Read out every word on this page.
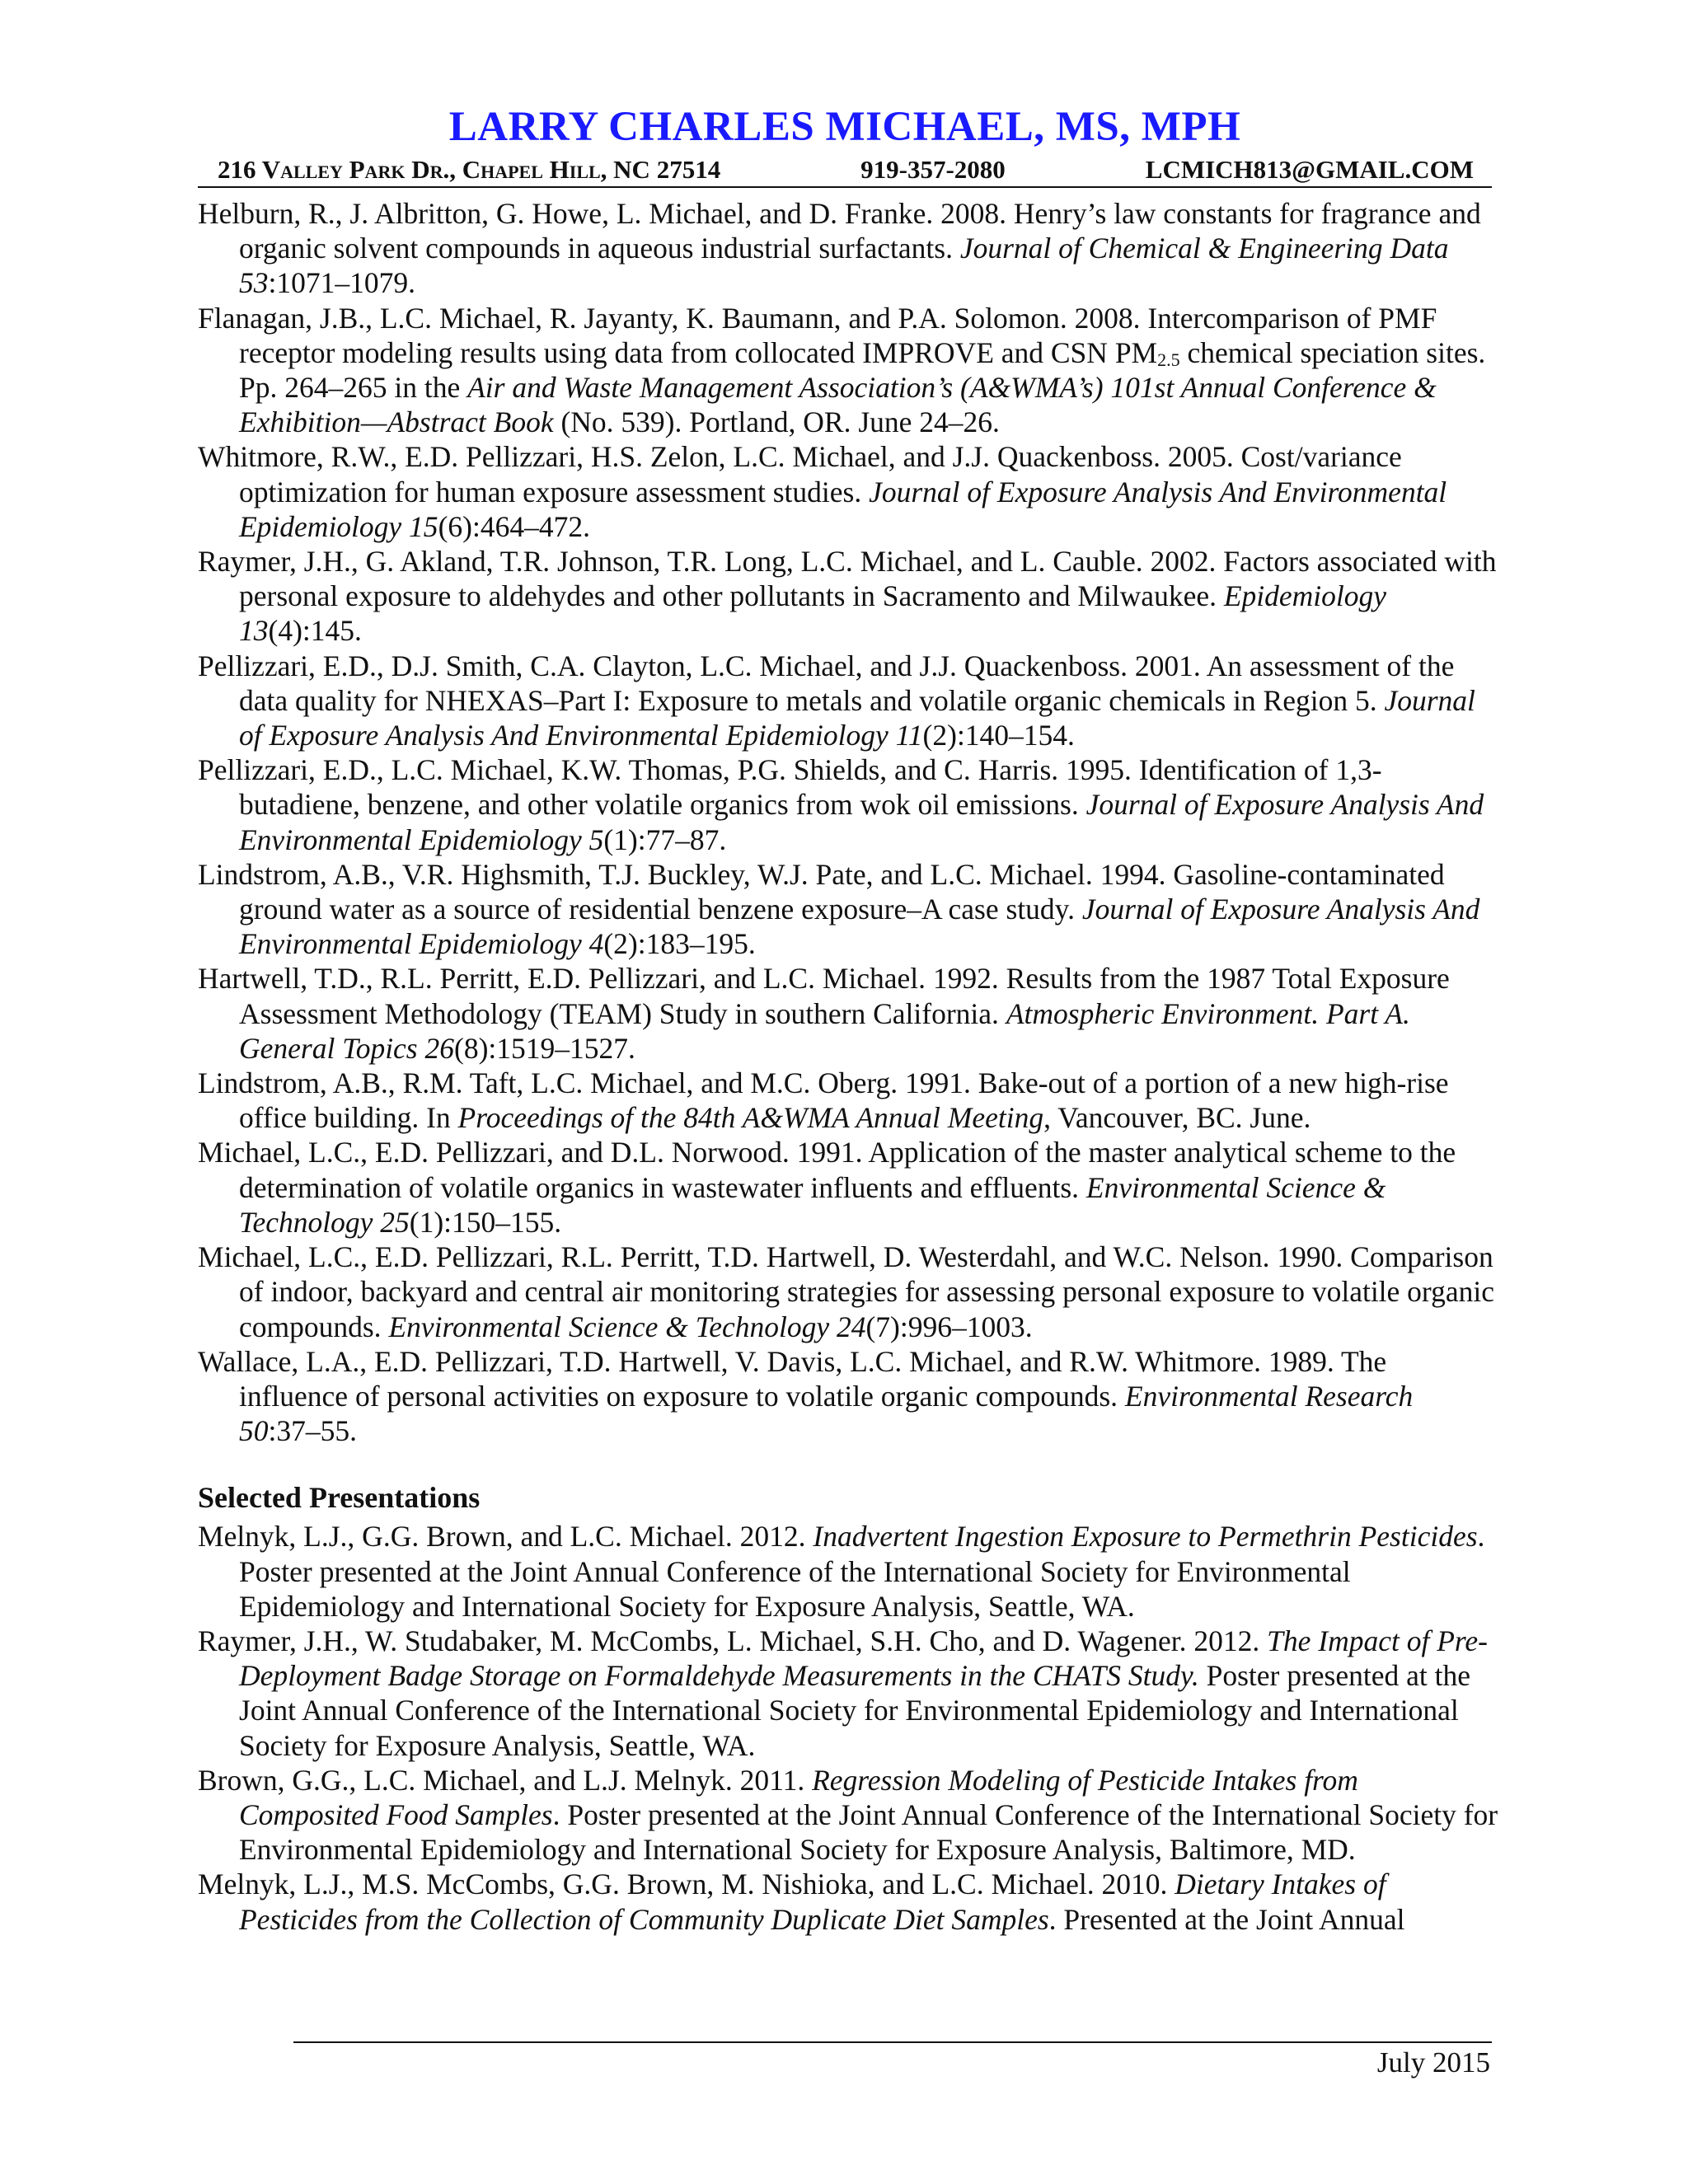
LARRY CHARLES MICHAEL, MS, MPH
216 Valley Park Dr., Chapel Hill, NC 27514	919-357-2080	LCMICH813@GMAIL.COM

Helburn, R., J. Albritton, G. Howe, L. Michael, and D. Franke. 2008. Henry’s law constants for fragrance and organic solvent compounds in aqueous industrial surfactants. Journal of Chemical & Engineering Data 53:1071–1079.

Flanagan, J.B., L.C. Michael, R. Jayanty, K. Baumann, and P.A. Solomon. 2008. Intercomparison of PMF receptor modeling results using data from collocated IMPROVE and CSN $PM_{2.5}$ chemical speciation sites. Pp. 264–265 in the Air and Waste Management Association’s (A&WMA’s) 101st Annual Conference & Exhibition—Abstract Book (No. 539). Portland, OR. June 24–26.

Whitmore, R.W., E.D. Pellizzari, H.S. Zelon, L.C. Michael, and J.J. Quackenboss. 2005. Cost/variance optimization for human exposure assessment studies. Journal of Exposure Analysis And Environmental Epidemiology 15(6):464–472.

Raymer, J.H., G. Akland, T.R. Johnson, T.R. Long, L.C. Michael, and L. Cauble. 2002. Factors associated with personal exposure to aldehydes and other pollutants in Sacramento and Milwaukee. Epidemiology 13(4):145.

Pellizzari, E.D., D.J. Smith, C.A. Clayton, L.C. Michael, and J.J. Quackenboss. 2001. An assessment of the data quality for NHEXAS–Part I: Exposure to metals and volatile organic chemicals in Region 5. Journal of Exposure Analysis And Environmental Epidemiology 11(2):140–154.

Pellizzari, E.D., L.C. Michael, K.W. Thomas, P.G. Shields, and C. Harris. 1995. Identification of 1,3-butadiene, benzene, and other volatile organics from wok oil emissions. Journal of Exposure Analysis And Environmental Epidemiology 5(1):77–87.

Lindstrom, A.B., V.R. Highsmith, T.J. Buckley, W.J. Pate, and L.C. Michael. 1994. Gasoline-contaminated ground water as a source of residential benzene exposure–A case study. Journal of Exposure Analysis And Environmental Epidemiology 4(2):183–195.

Hartwell, T.D., R.L. Perritt, E.D. Pellizzari, and L.C. Michael. 1992. Results from the 1987 Total Exposure Assessment Methodology (TEAM) Study in southern California. Atmospheric Environment. Part A. General Topics 26(8):1519–1527.

Lindstrom, A.B., R.M. Taft, L.C. Michael, and M.C. Oberg. 1991. Bake-out of a portion of a new high-rise office building. In Proceedings of the 84th A&WMA Annual Meeting, Vancouver, BC. June.

Michael, L.C., E.D. Pellizzari, and D.L. Norwood. 1991. Application of the master analytical scheme to the determination of volatile organics in wastewater influents and effluents. Environmental Science & Technology 25(1):150–155.

Michael, L.C., E.D. Pellizzari, R.L. Perritt, T.D. Hartwell, D. Westerdahl, and W.C. Nelson. 1990. Comparison of indoor, backyard and central air monitoring strategies for assessing personal exposure to volatile organic compounds. Environmental Science & Technology 24(7):996–1003.

Wallace, L.A., E.D. Pellizzari, T.D. Hartwell, V. Davis, L.C. Michael, and R.W. Whitmore. 1989. The influence of personal activities on exposure to volatile organic compounds. Environmental Research 50:37–55.

Selected Presentations

Melnyk, L.J., G.G. Brown, and L.C. Michael. 2012. Inadvertent Ingestion Exposure to Permethrin Pesticides. Poster presented at the Joint Annual Conference of the International Society for Environmental Epidemiology and International Society for Exposure Analysis, Seattle, WA.

Raymer, J.H., W. Studabaker, M. McCombs, L. Michael, S.H. Cho, and D. Wagener. 2012. The Impact of Pre-Deployment Badge Storage on Formaldehyde Measurements in the CHATS Study. Poster presented at the Joint Annual Conference of the International Society for Environmental Epidemiology and International Society for Exposure Analysis, Seattle, WA.

Brown, G.G., L.C. Michael, and L.J. Melnyk. 2011. Regression Modeling of Pesticide Intakes from Composited Food Samples. Poster presented at the Joint Annual Conference of the International Society for Environmental Epidemiology and International Society for Exposure Analysis, Baltimore, MD.

Melnyk, L.J., M.S. McCombs, G.G. Brown, M. Nishioka, and L.C. Michael. 2010. Dietary Intakes of Pesticides from the Collection of Community Duplicate Diet Samples. Presented at the Joint Annual

July 2015
